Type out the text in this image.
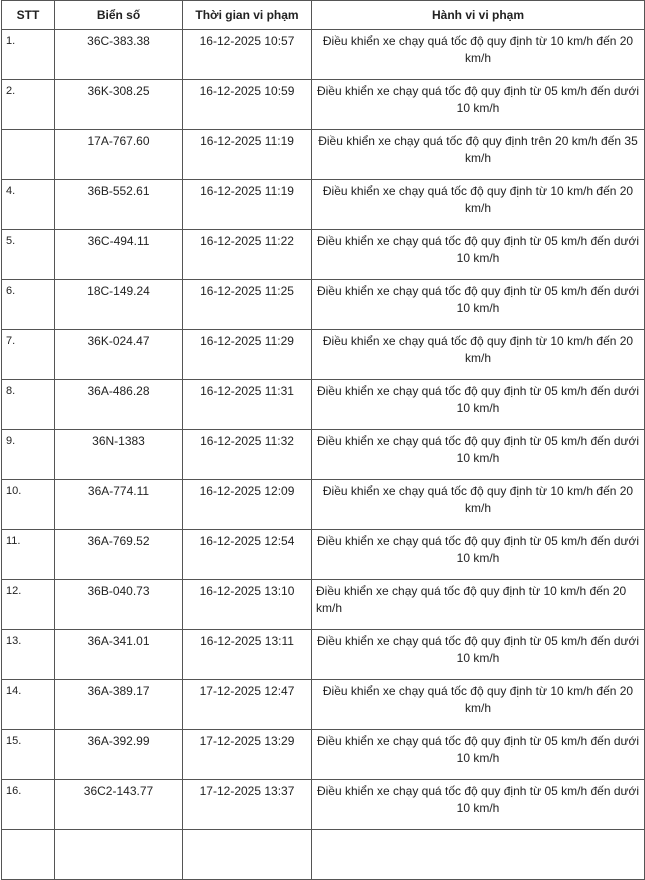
STT	Biển số	Thời gian vi phạm	Hành vi vi phạm
1.	36C-383.38	16-12-2025 10:57	Điều khiển xe chạy quá tốc độ quy định từ 10 km/h đến 20 km/h
2.	36K-308.25	16-12-2025 10:59	Điều khiển xe chạy quá tốc độ quy định từ 05 km/h đến dưới 10 km/h
	17A-767.60	16-12-2025 11:19	Điều khiển xe chạy quá tốc độ quy định trên 20 km/h đến 35 km/h
4.	36B-552.61	16-12-2025 11:19	Điều khiển xe chạy quá tốc độ quy định từ 10 km/h đến 20 km/h
5.	36C-494.11	16-12-2025 11:22	Điều khiển xe chạy quá tốc độ quy định từ 05 km/h đến dưới 10 km/h
6.	18C-149.24	16-12-2025 11:25	Điều khiển xe chạy quá tốc độ quy định từ 05 km/h đến dưới 10 km/h
7.	36K-024.47	16-12-2025 11:29	Điều khiển xe chạy quá tốc độ quy định từ 10 km/h đến 20 km/h
8.	36A-486.28	16-12-2025 11:31	Điều khiển xe chạy quá tốc độ quy định từ 05 km/h đến dưới 10 km/h
9.	36N-1383	16-12-2025 11:32	Điều khiển xe chạy quá tốc độ quy định từ 05 km/h đến dưới 10 km/h
10.	36A-774.11	16-12-2025 12:09	Điều khiển xe chạy quá tốc độ quy định từ 10 km/h đến 20 km/h
11.	36A-769.52	16-12-2025 12:54	Điều khiển xe chạy quá tốc độ quy định từ 05 km/h đến dưới 10 km/h
12.	36B-040.73	16-12-2025 13:10	Điều khiển xe chạy quá tốc độ quy định từ 10 km/h đến 20 km/h
13.	36A-341.01	16-12-2025 13:11	Điều khiển xe chạy quá tốc độ quy định từ 05 km/h đến dưới 10 km/h
14.	36A-389.17	17-12-2025 12:47	Điều khiển xe chạy quá tốc độ quy định từ 10 km/h đến 20 km/h
15.	36A-392.99	17-12-2025 13:29	Điều khiển xe chạy quá tốc độ quy định từ 05 km/h đến dưới 10 km/h
16.	36C2-143.77	17-12-2025 13:37	Điều khiển xe chạy quá tốc độ quy định từ 05 km/h đến dưới 10 km/h
